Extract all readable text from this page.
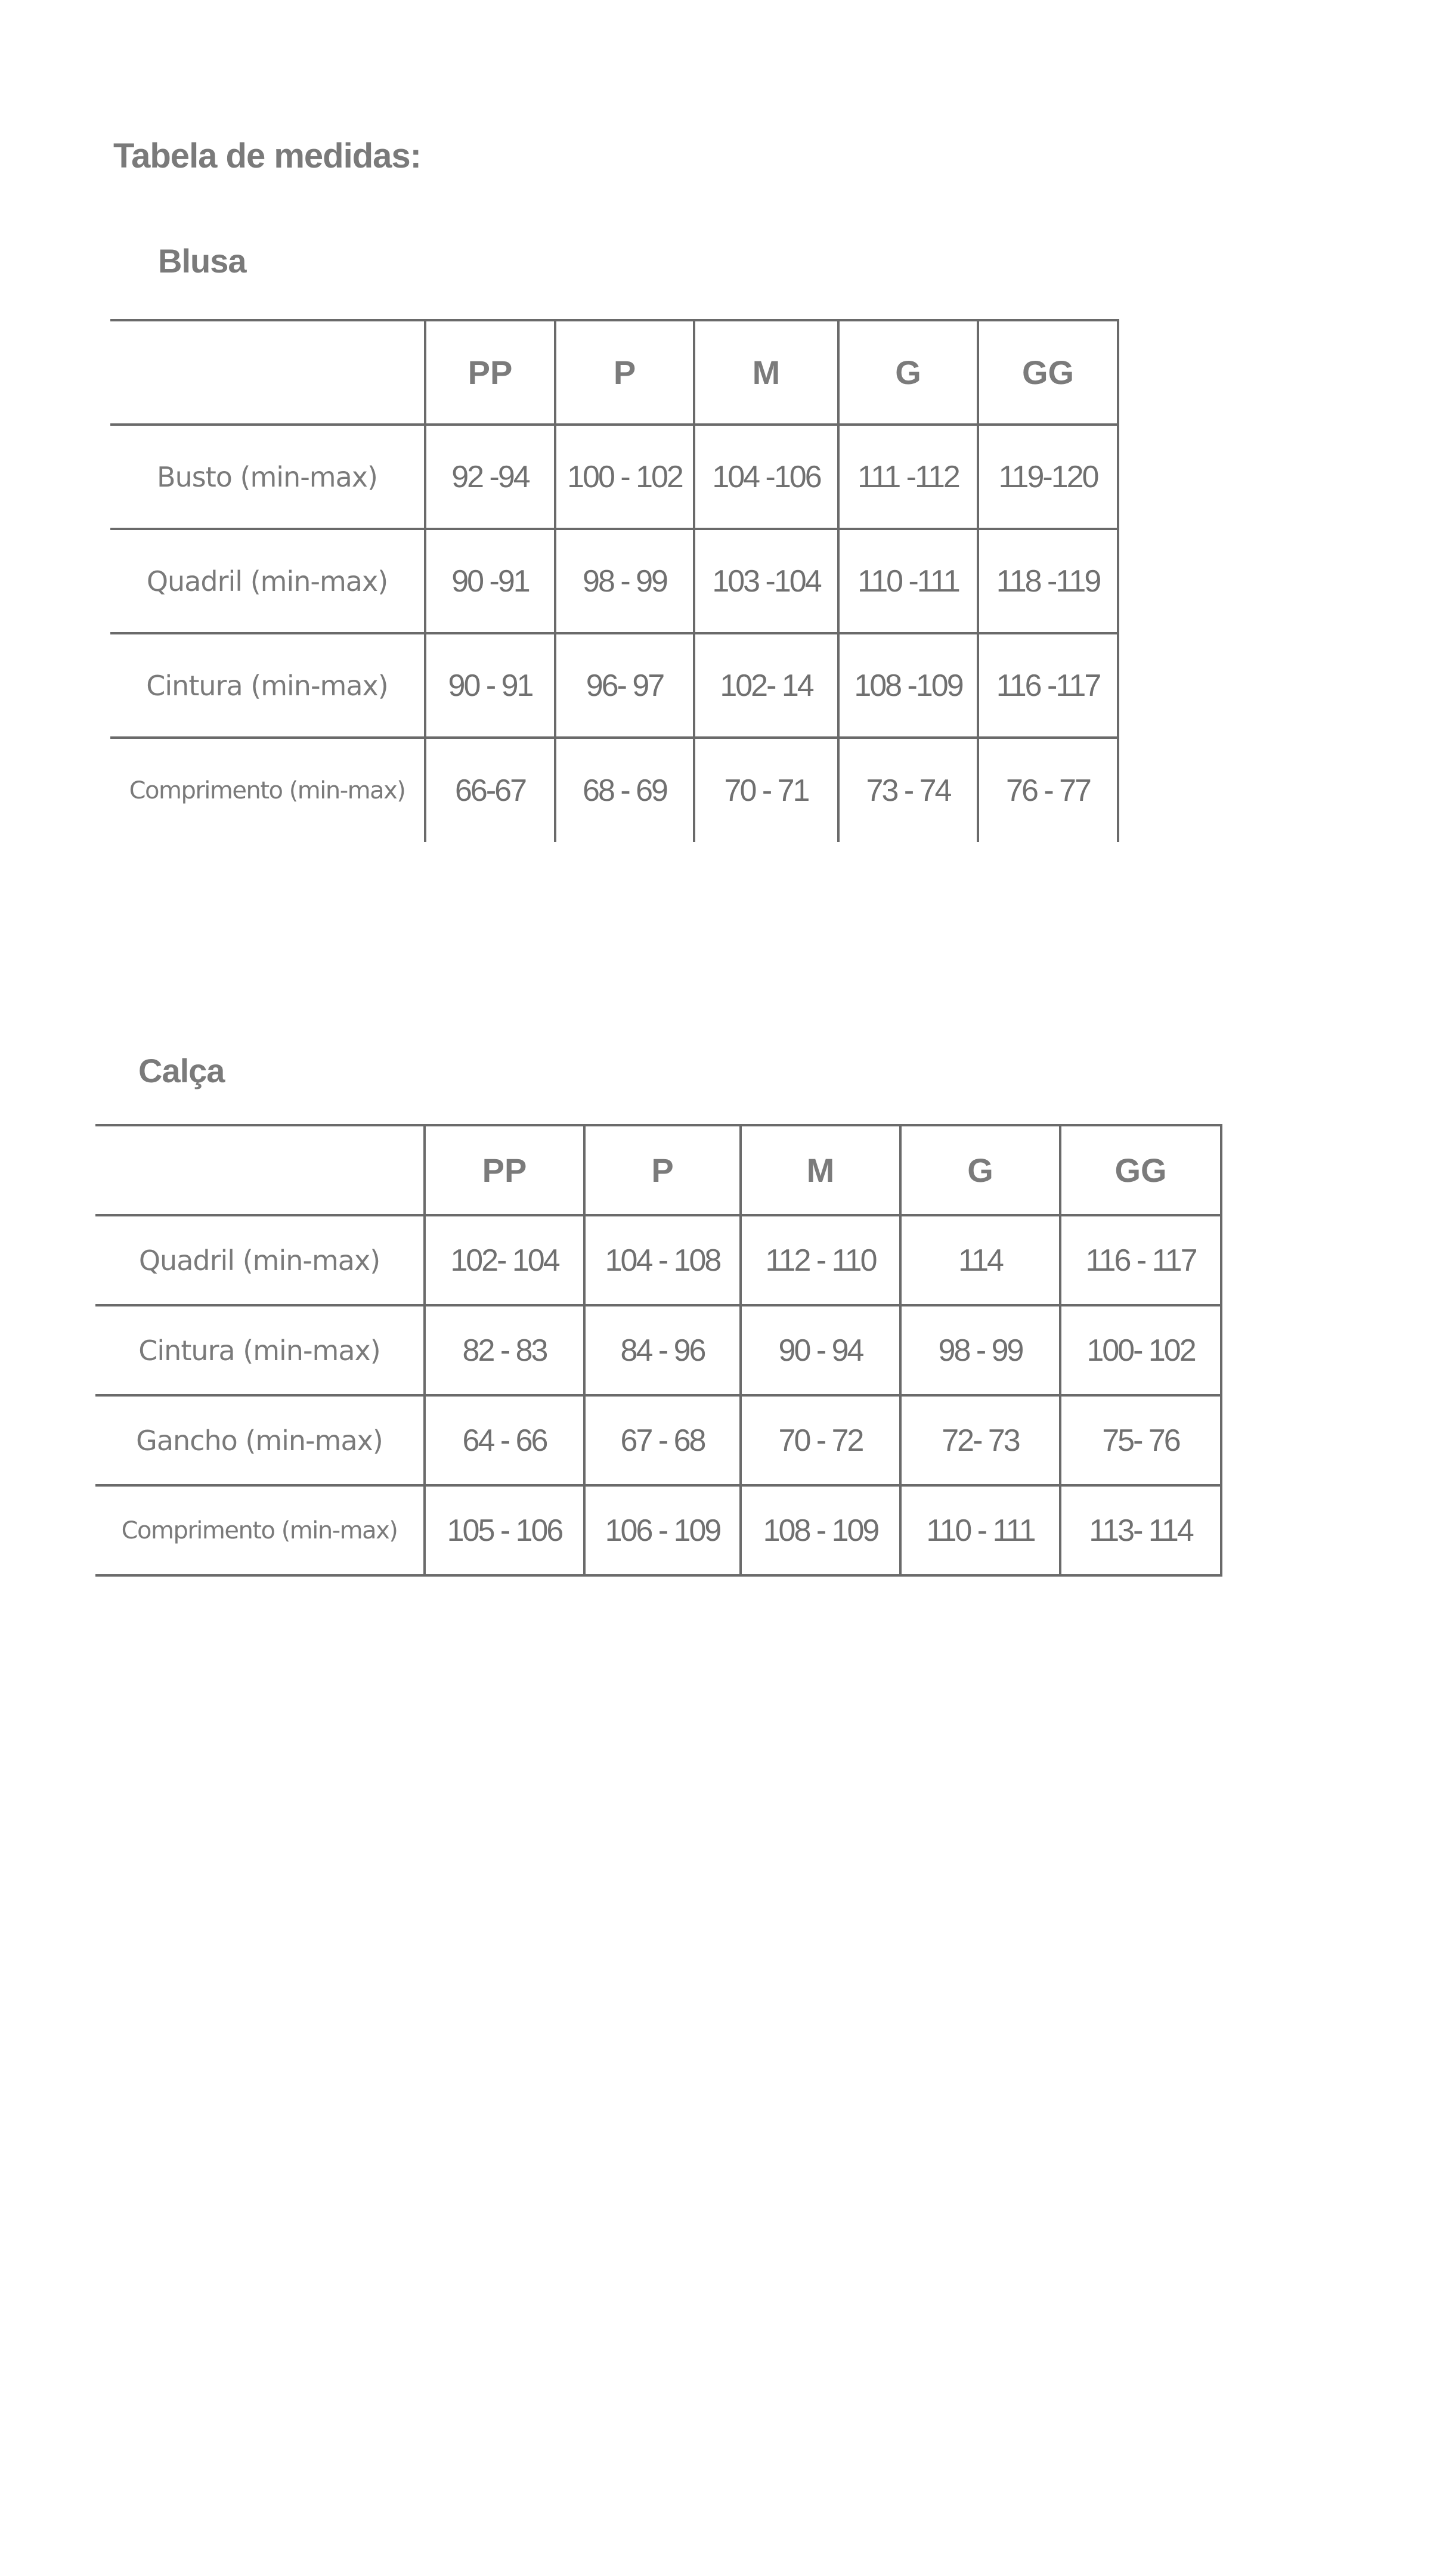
Tabela de medidas:
Blusa
	PP	P	M	G	GG
Busto (min-max)	92 -94	100 - 102	104 -106	111 -112	119-120
Quadril (min-max)	90 -91	98 - 99	103 -104	110 -111	118 -119
Cintura (min-max)	90 - 91	96- 97	102- 14	108 -109	116 -117
Comprimento (min-max)	66-67	68 - 69	70 - 71	73 - 74	76 - 77
Calça
	PP	P	M	G	GG
Quadril (min-max)	102- 104	104 - 108	112 - 110	114	116 - 117
Cintura (min-max)	82 - 83	84 - 96	90 - 94	98 - 99	100- 102
Gancho (min-max)	64 - 66	67 - 68	70 - 72	72- 73	75- 76
Comprimento (min-max)	105 - 106	106 - 109	108 - 109	110 - 111	113- 114
